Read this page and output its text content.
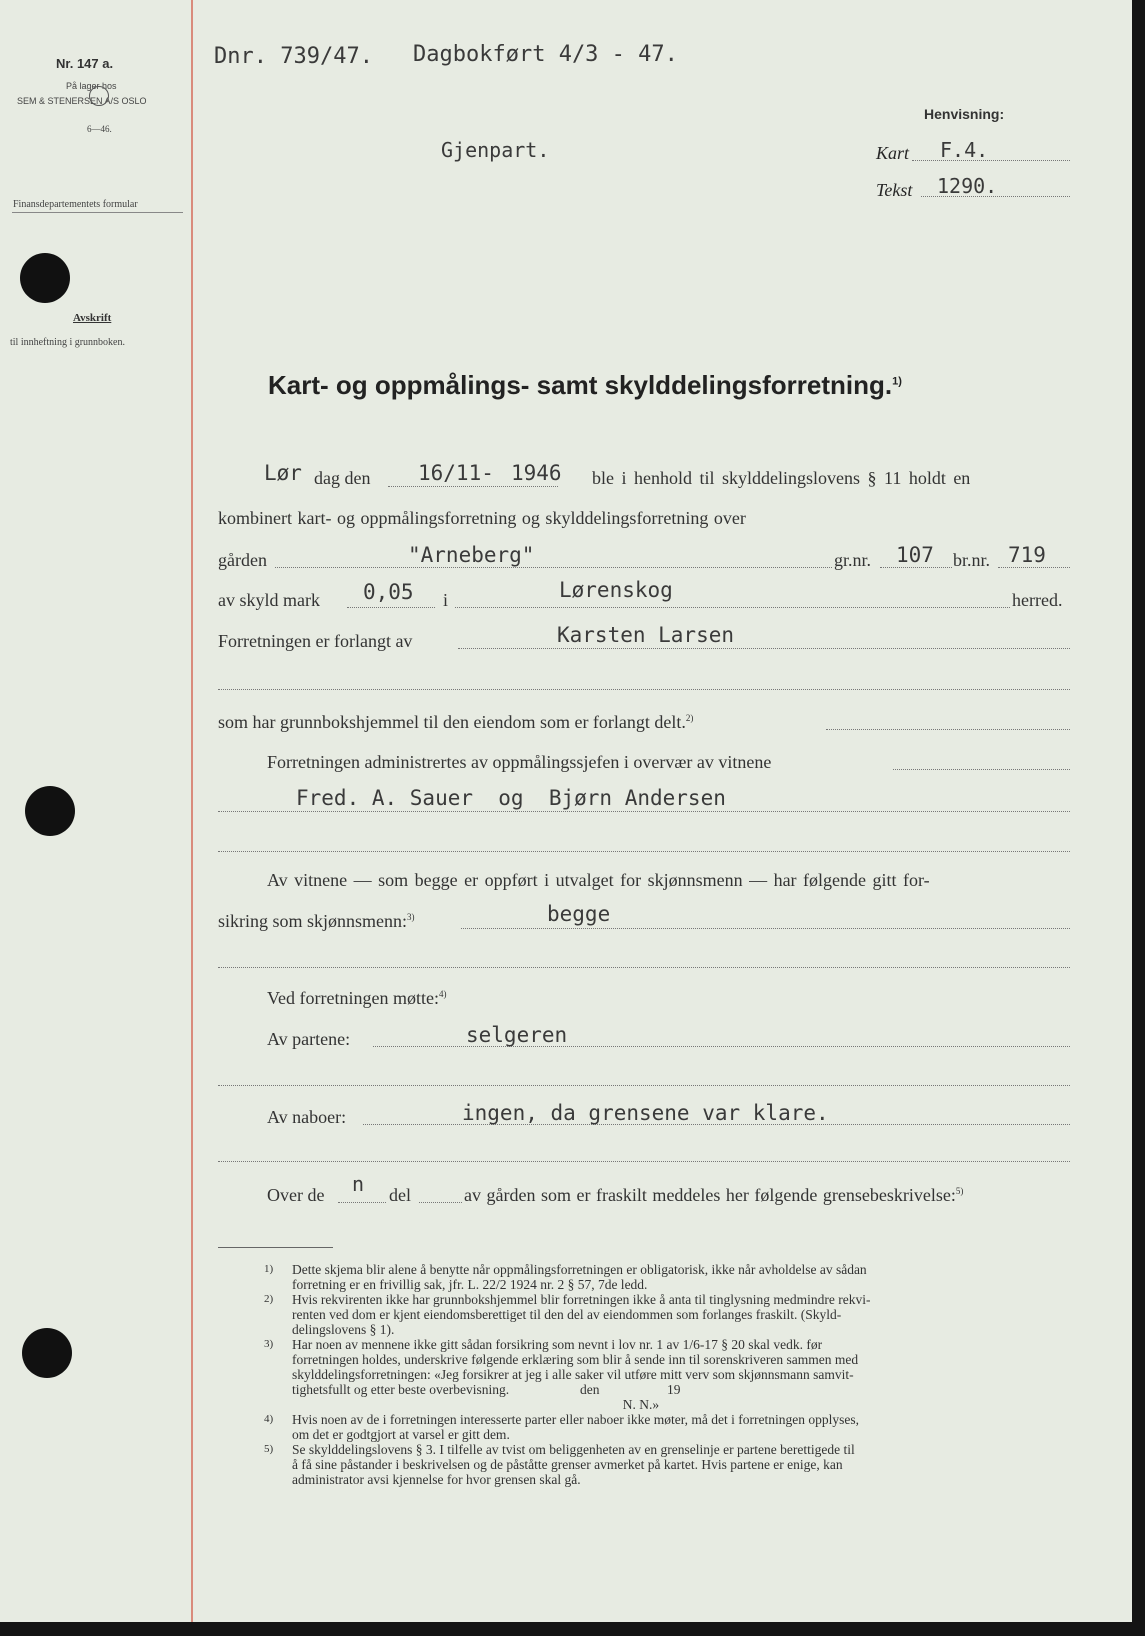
Nr. 147 a.
På lager hos
SEM & STENERSEN A/S OSLO
6—46.
Finansdepartementets formular
Avskrift
til innheftning i grunnboken.
Dnr. 739/47. Dagbokført 4/3 - 47.
Henvisning:
Gjenpart.	Kart F.4.
Tekst 1290.
Kart- og oppmålings- samt skylddelingsforretning.$^{1)}$
Lør dag den 16/11- 1946 ble i henhold til skylddelingslovens § 11 holdt en
kombinert kart- og oppmålingsforretning og skylddelingsforretning over
gården	"Arneberg"	gr.nr. 107 br.nr. 719
av skyld mark 0,05 i	Lørenskog	herred.
Forretningen er forlangt av	Karsten Larsen
som har grunnbokshjemmel til den eiendom som er forlangt delt.$^{2)}$
Forretningen administrertes av oppmålingssjefen i overvær av vitnene
Fred. A. Sauer  og  Bjørn Andersen
Av vitnene — som begge er oppført i utvalget for skjønnsmenn — har følgende gitt for-
sikring som skjønnsmenn:$^{3)}$	begge
Ved forretningen møtte:$^{4)}$
Av partene:	selgeren
Av naboer:	ingen, da grensene var klare.
Over de n del	av gården som er fraskilt meddeles her følgende grensebeskrivelse:$^{5)}$
1) Dette skjema blir alene å benytte når oppmålingsforretningen er obligatorisk, ikke når avholdelse av sådan
forretning er en frivillig sak, jfr. L. 22/2 1924 nr. 2 § 57, 7de ledd.
2) Hvis rekvirenten ikke har grunnbokshjemmel blir forretningen ikke å anta til tinglysning medmindre rekvi-
renten ved dom er kjent eiendomsberettiget til den del av eiendommen som forlanges fraskilt. (Skyld-
delingslovens § 1).
3) Har noen av mennene ikke gitt sådan forsikring som nevnt i lov nr. 1 av 1/6-17 § 20 skal vedk. før
forretningen holdes, underskrive følgende erklæring som blir å sende inn til sorenskriveren sammen med
skylddelingsforretningen: «Jeg forsikrer at jeg i alle saker vil utføre mitt verv som skjønnsmann samvit-
tighetsfullt og etter beste overbevisning.                     den                    19
N. N.»
4) Hvis noen av de i forretningen interesserte parter eller naboer ikke møter, må det i forretningen opplyses,
om det er godtgjort at varsel er gitt dem.
5) Se skylddelingslovens § 3. I tilfelle av tvist om beliggenheten av en grenselinje er partene berettigede til
å få sine påstander i beskrivelsen og de påståtte grenser avmerket på kartet. Hvis partene er enige, kan
administrator avsi kjennelse for hvor grensen skal gå.
